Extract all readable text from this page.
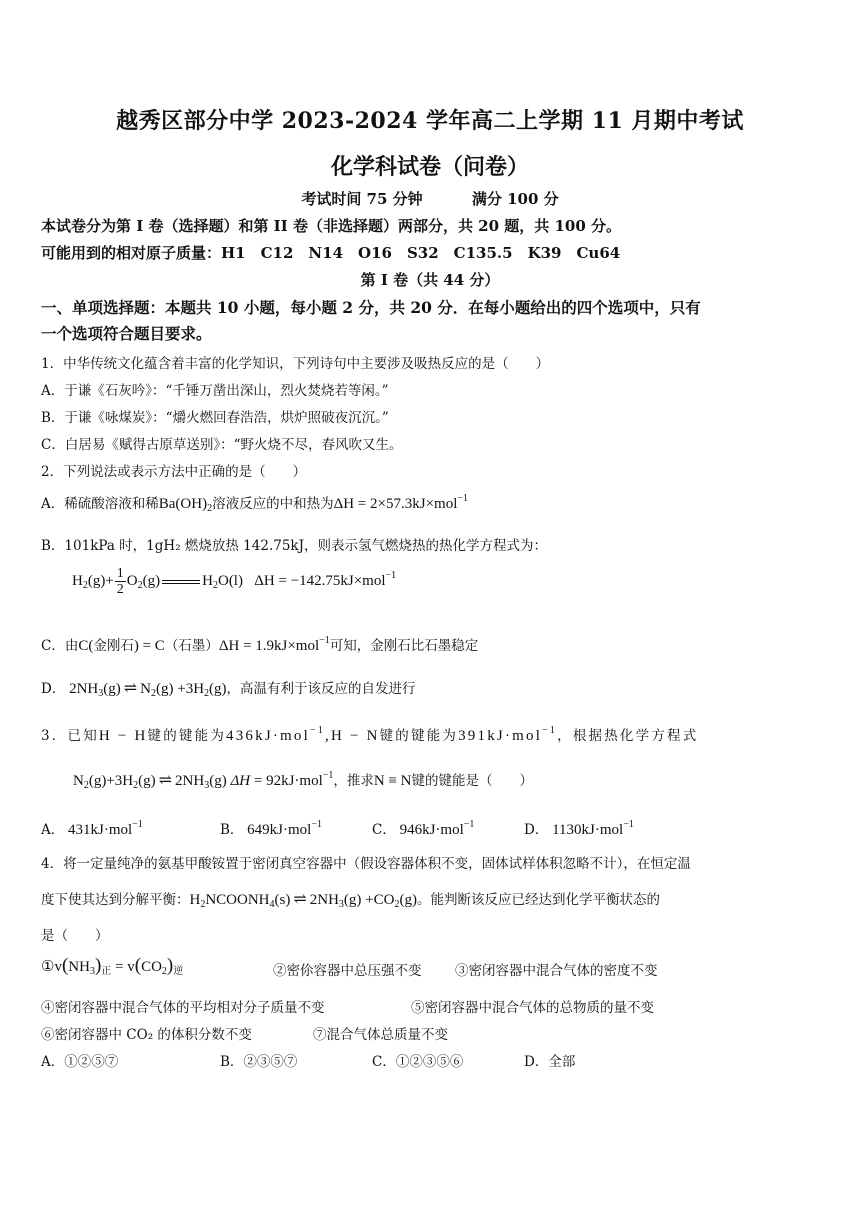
越秀区部分中学 2023-2024 学年高二上学期 11 月期中考试
化学科试卷（问卷）
考试时间 75 分钟	满分 100 分
本试卷分为第 I 卷（选择题）和第 II 卷（非选择题）两部分，共 20 题，共 100 分。
可能用到的相对原子质量：H1　C12　N14　O16　S32　C135.5　K39　Cu64
第 I 卷（共 44 分）
一、单项选择题：本题共 10 小题，每小题 2 分，共 20 分．在每小题给出的四个选项中，只有
一个选项符合题目要求。
1．中华传统文化蕴含着丰富的化学知识，下列诗句中主要涉及吸热反应的是（　　）
A．于谦《石灰吟》：“千锤万凿出深山，烈火焚烧若等闲。”
B．于谦《咏煤炭》：“爝火燃回春浩浩，烘炉照破夜沉沉。”
C．白居易《赋得古原草送别》：“野火烧不尽，春风吹又生。
2．下列说法或表示方法中正确的是（　　）
A．稀硫酸溶液和稀$Ba(OH)_2$溶液反应的中和热为ΔH = 2×57.3kJ×mol$^{-1}$
B．101kPa 时，1gH₂ 燃烧放热 142.75kJ，则表示氢气燃烧热的热化学方程式为：
$H_2(g)+ \frac{1}{2} O_2(g)$	$H_2O(l) \Delta H = -142.75kJ\times mol^{-1}$
C．由C(金刚石) = C（石墨）ΔH = 1.9kJ×mol$^{-1}$可知，金刚石比石墨稳定
D． $2NH_3(g)$ ⇌ $N_2(g) +3H_2(g)$，高温有利于该反应的自发进行
3．已知H − H键的键能为436kJ·mol$^{-1}$,H − N键的键能为391kJ·mol$^{-1}$，根据热化学方程式
$N_2(g)+3H_2(g)$ ⇌ $2NH_3(g) \Delta H = 92kJ\cdot mol^{-1}$，推求N ≡ N键的键能是（　　）
A． 431kJ·mol$^{-1}$	B． 649kJ·mol$^{-1}$	C． 946kJ·mol$^{-1}$	D． 1130kJ·mol$^{-1}$
4．将一定量纯净的氨基甲酸铵置于密闭真空容器中（假设容器体积不变，固体试样体积忽略不计），在恒定温
度下使其达到分解平衡：$H_2NCOONH_4(s)$ ⇌ $2NH_3(g) +CO_2(g)$。能判断该反应已经达到化学平衡状态的
是（　　）
$①v(NH_3)_正 = v(CO_2)_逆$	②密伱容器中总压强不变 ③密闭容器中混合气体的密度不变
④密闭容器中混合气体的平均相对分子质量不变	⑤密闭容器中混合气体的总物质的量不变
⑥密闭容器中 CO₂ 的体积分数不变	⑦混合气体总质量不变
A．①②⑤⑦	B．②③⑤⑦	C．①②③⑤⑥	D．全部
